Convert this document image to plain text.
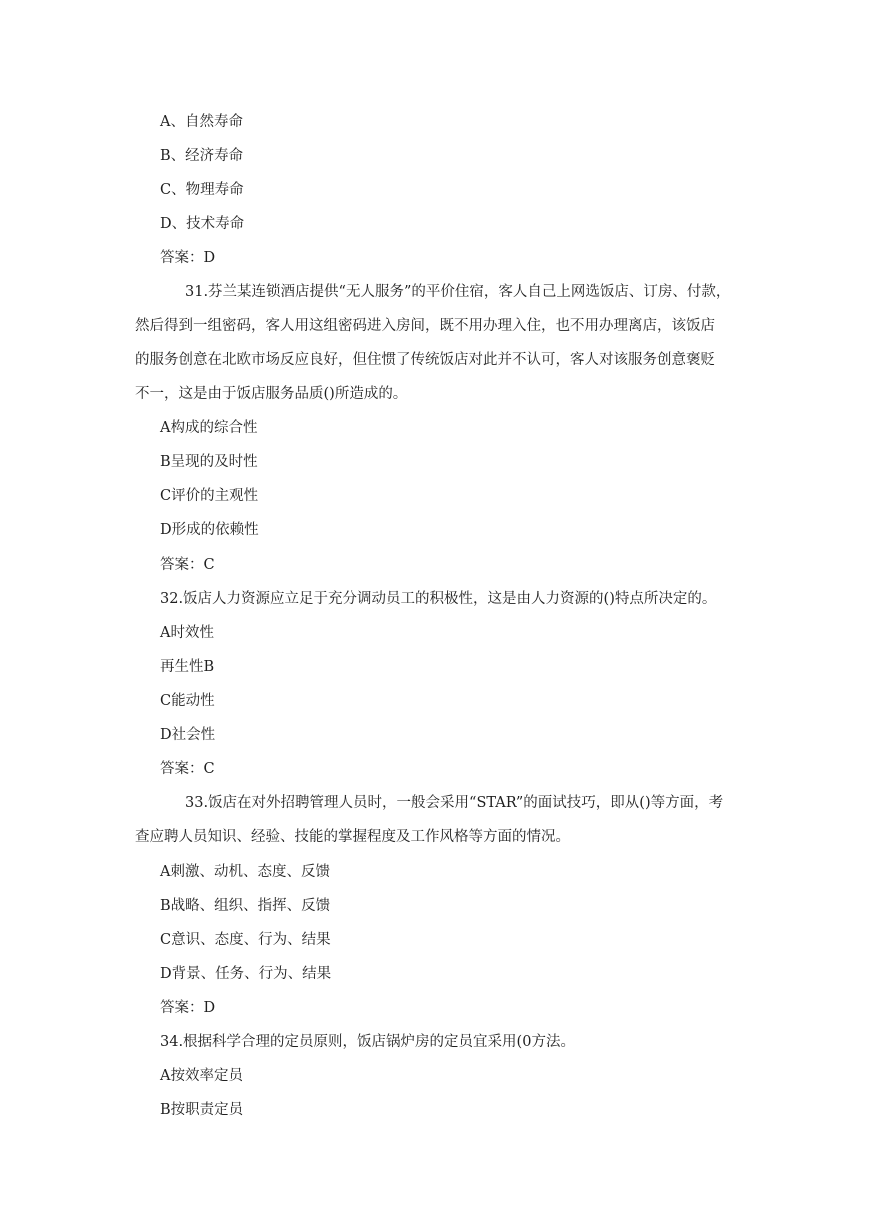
A、自然寿命
B、经济寿命
C、物理寿命
D、技术寿命
答案：D
31.芬兰某连锁酒店提供“无人服务”的平价住宿，客人自己上网选饭店、订房、付款，
然后得到一组密码，客人用这组密码进入房间，既不用办理入住，也不用办理离店，该饭店
的服务创意在北欧市场反应良好，但住惯了传统饭店对此并不认可，客人对该服务创意褒贬
不一，这是由于饭店服务品质()所造成的。
A构成的综合性
B呈现的及时性
C评价的主观性
D形成的依赖性
答案：C
32.饭店人力资源应立足于充分调动员工的积极性，这是由人力资源的()特点所决定的。
A时效性
再生性B
C能动性
D社会性
答案：C
33.饭店在对外招聘管理人员时，一般会采用“STAR”的面试技巧，即从()等方面，考
查应聘人员知识、经验、技能的掌握程度及工作风格等方面的情况。
A刺激、动机、态度、反馈
B战略、组织、指挥、反馈
C意识、态度、行为、结果
D背景、任务、行为、结果
答案：D
34.根据科学合理的定员原则，饭店锅炉房的定员宜采用(0方法。
A按效率定员
B按职责定员
